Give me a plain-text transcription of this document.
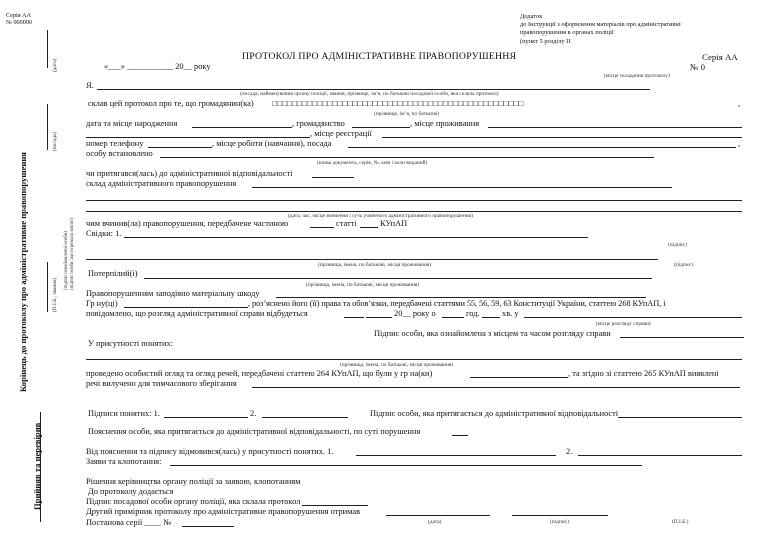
Серія АА
№ 000000
(дата)
(посада)
(підпис ознайомленої особи) (підпис особи, що отримала копію)
(П.І.Б., звання)
Корінець до протоколу про адміністративне правопорушення
Прийняв та перевірив
Додаток
до Інструкції з оформлення матеріалів про адміністративні
правопорушення в органах поліції
(пункт 5 розділу ІІ
ПРОТОКОЛ ПРО АДМІНІСТРАТИВНЕ ПРАВОПОРУШЕННЯ	Серія АА
№ 0
«___» ___________ 20__ року
(місце складання протоколу)
Я.
(посада, найменування органу поліції, звання, прізвище, ім’я, по батькові посадової особи, яка склала протокол)
склав цей протокол про те, що громадянин(ка) □□□□□□□□□□□□□□□□□□□□□□□□□□□□□□□□□□□□□□□□□□□□□□□□□□	,
(прізвище, ім’я, по батькові)
дата та місце народження	, громадянство	, місце проживання
, місце реєстрації
номер телефону	, місце роботи (навчання), посада	,
особу встановлено
(назва документа, серія, №, ким і коли виданий)
чи притягався(лась) до адміністративної відповідальності
склад адміністративного правопорушення
(дата, час, місце вчинення і суть учиненого адміністративного правопорушення)
чим вчинив(ла) правопорушення, передбачене частиною	статті	КУпАП
Свідки: 1.
(підпис)
(прізвища, імена, по батькові, місця проживання)	(підпис)
Потерпілий(і)
(прізвища, імена, по батькові, місця проживання)
Правопорушенням заподіяно матеріальну шкоду
Гр ну(ці)	, роз’яснено його (її) права та обов’язки, передбачені статтями 55, 56, 59, 63 Конституції України, статтею 268 КУпАП, і
повідомлено, що розгляд адміністративної справи відбудеться	20__ року о	год.	хв. у
(місце розгляду справи)
Підпис особи, яка ознайомлена з місцем та часом розгляду справи
У присутності понятих:
(прізвища, імена, по батькові, місця проживання)
проведено особистий огляд та огляд речей, передбачені статтею 264 КУпАП, що були у гр на(ки)	, та згідно зі статтею 265 КУпАП виявлені
речі вилучено для тимчасового зберігання
Підписи понятих: 1.	2.	Підпис особи, яка притягається до адміністративної відповідальності
Пояснення особи, яка притягається до адміністративної відповідальності, по суті порушення
Від пояснення та підпису відмовився(лась) у присутності понятих. 1.	2.
Заяви та клопотання:
Рішення керівництва органу поліції за заявою, клопотанням
До протоколу додається
Підпис посадової особи органу поліції, яка склала протокол
Другий примірник протоколу про адміністративне правопорушення отримав
Постанова серії ____ №	(дата)	(підпис)	(П.І.Б.)
